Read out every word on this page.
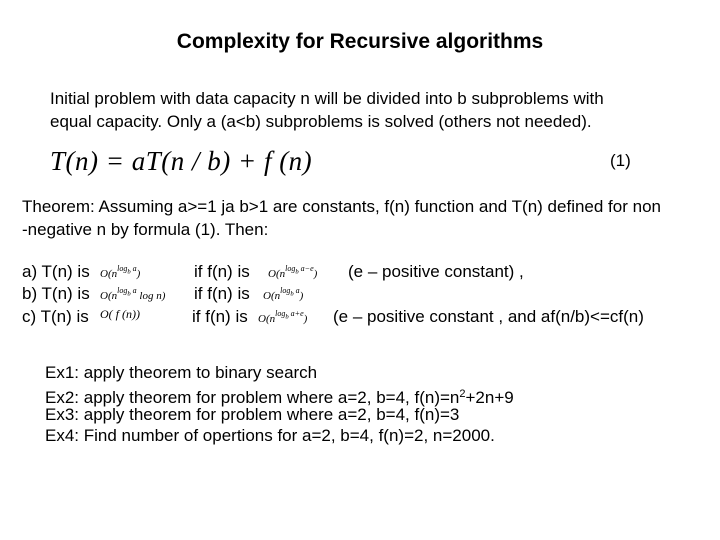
Complexity for Recursive algorithms
Initial problem with data capacity n will be divided into b subproblems with
equal capacity. Only a (a<b) subproblems is solved (others not needed).
T(n) = aT(n / b) + f (n)	(1)
Theorem: Assuming a>=1 ja b>1 are constants, f(n) function and T(n) defined for non
-negative n by formula (1). Then:
a) T(n) is $O(n^{log_b a})$	if f(n) is $O(n^{log_b a-e})$ (e – positive constant) ,
b) T(n) is $O(n^{log_b a}$ log n) if f(n) is $O(n^{log_b a})$
c) T(n) is O( f (n))	if f(n) is $O(n^{log_b a+e})$ (e – positive constant , and af(n/b)<=cf(n)
Ex1: apply theorem to binary search
Ex2: apply theorem for problem where a=2, b=4, $f(n)=n^2+2n+9$
Ex3: apply theorem for problem where a=2, b=4, f(n)=3
Ex4: Find number of opertions for a=2, b=4, f(n)=2, n=2000.
